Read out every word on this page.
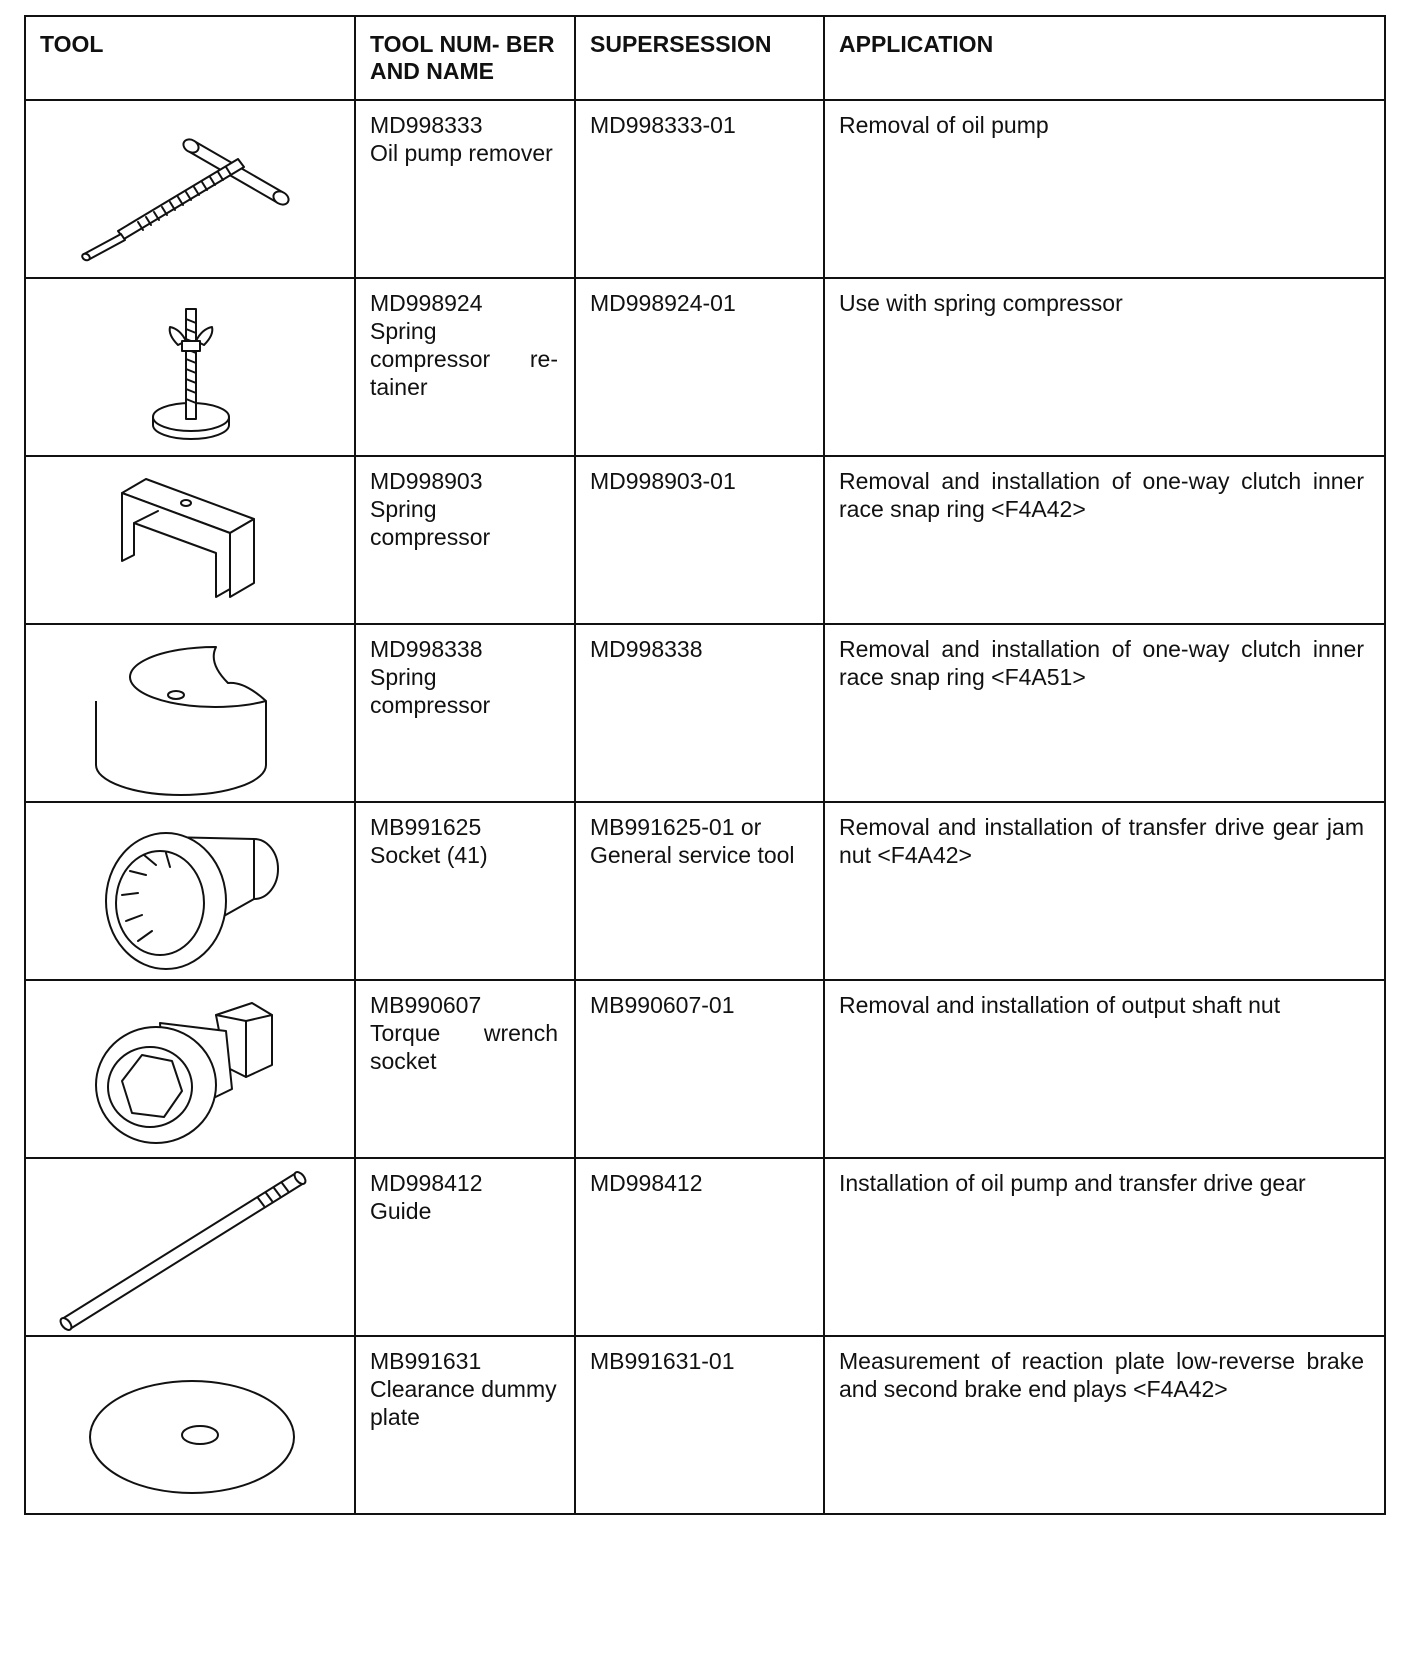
TOOL	TOOL NUM- BER AND NAME	SUPERSESSION	APPLICATION

MD998333
Oil pump remover	MD998333-01	Removal of oil pump

MD998924
Spring compressor re- tainer	MD998924-01	Use with spring compressor

MD998903
Spring compressor	MD998903-01	Removal and installation of one-way clutch inner race snap ring <F4A42>

MD998338
Spring compressor	MD998338	Removal and installation of one-way clutch inner race snap ring <F4A51>

MB991625
Socket (41)	MB991625-01 or General service tool	Removal and installation of transfer drive gear jam nut <F4A42>

MB990607
Torque wrench socket	MB990607-01	Removal and installation of output shaft nut

MD998412
Guide	MD998412	Installation of oil pump and transfer drive gear

MB991631
Clearance dummy plate	MB991631-01	Measurement of reaction plate low-reverse brake and second brake end plays <F4A42>
